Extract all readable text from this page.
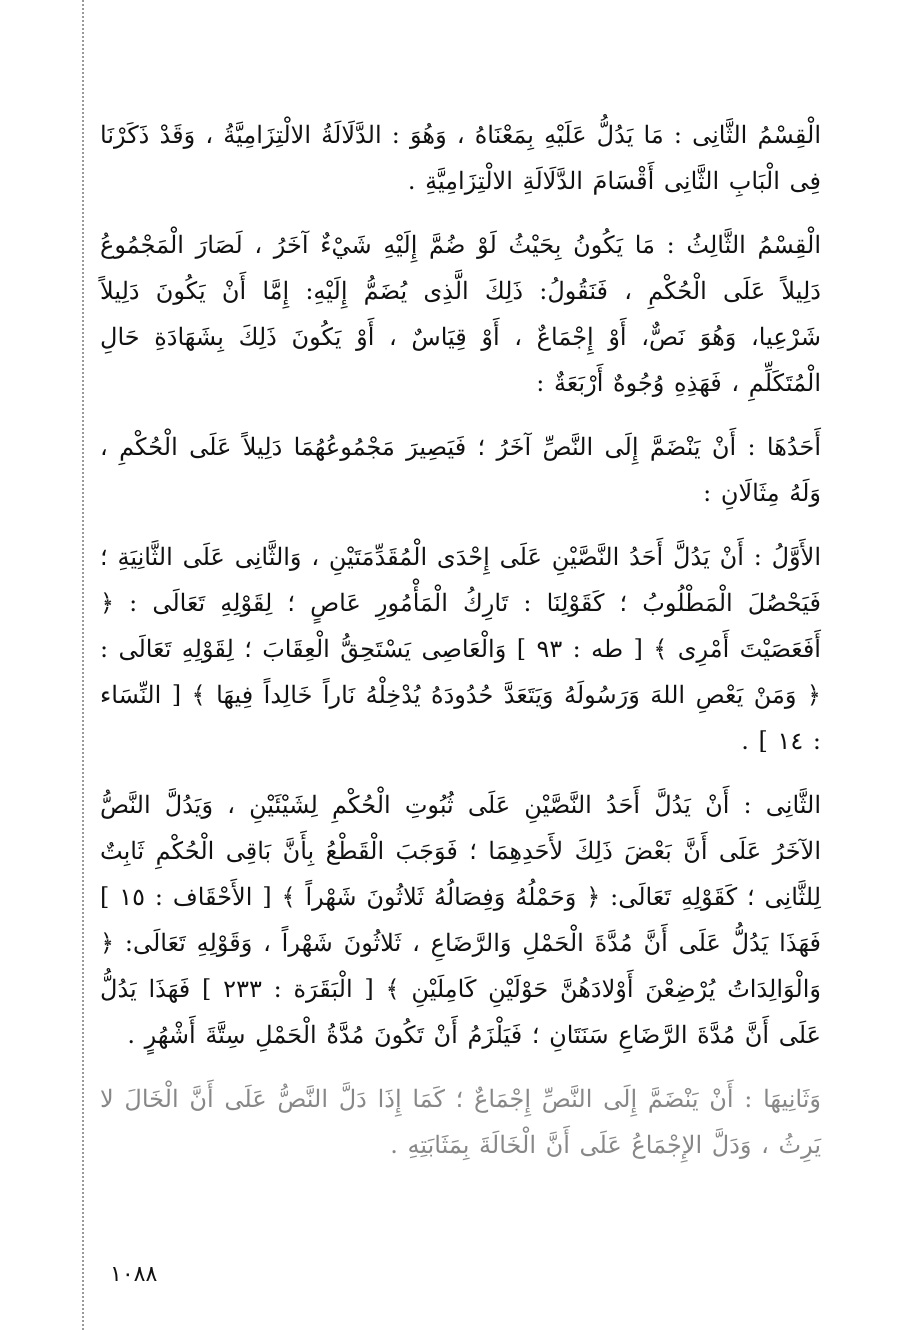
الْقِسْمُ الثَّانِى : مَا يَدُلُّ عَلَيْهِ بِمَعْنَاهُ ، وَهُوَ : الدَّلَالَةُ الالْتِزَامِيَّةُ ، وَقَدْ ذَكَرْنَا فِى الْبَابِ الثَّانِى أَقْسَامَ الدَّلَالَةِ الالْتِزَامِيَّةِ .

الْقِسْمُ الثَّالِثُ : مَا يَكُونُ بِحَيْثُ لَوْ ضُمَّ إِلَيْهِ شَيْءٌ آخَرُ ، لَصَارَ الْمَجْمُوعُ دَلِيلاً عَلَى الْحُكْمِ ، فَنَقُولُ: ذَلِكَ الَّذِى يُضَمُّ إِلَيْهِ: إِمَّا أَنْ يَكُونَ دَلِيلاً شَرْعِيا، وَهُوَ نَصٌّ، أَوْ إِجْمَاعٌ ، أَوْ قِيَاسٌ ، أَوْ يَكُونَ ذَلِكَ بِشَهَادَةِ حَالِ الْمُتَكَلِّمِ ، فَهَذِهِ وُجُوهٌ أَرْبَعَةٌ :

أَحَدُهَا : أَنْ يَنْضَمَّ إِلَى النَّصِّ آخَرُ ؛ فَيَصِيرَ مَجْمُوعُهُمَا دَلِيلاً عَلَى الْحُكْمِ ، وَلَهُ مِثَالَانِ :

الأَوَّلُ : أَنْ يَدُلَّ أَحَدُ النَّصَّيْنِ عَلَى إِحْدَى الْمُقَدِّمَتَيْنِ ، وَالثَّانِى عَلَى الثَّانِيَةِ ؛ فَيَحْصُلَ الْمَطْلُوبُ ؛ كَقَوْلِنَا : تَارِكُ الْمَأْمُورِ عَاصٍ ؛ لِقَوْلِهِ تَعَالَى : ﴿ أَفَعَصَيْتَ أَمْرِى ﴾ [ طه : ٩٣ ] وَالْعَاصِى يَسْتَحِقُّ الْعِقَابَ ؛ لِقَوْلِهِ تَعَالَى : ﴿ وَمَنْ يَعْصِ اللهَ وَرَسُولَهُ وَيَتَعَدَّ حُدُودَهُ يُدْخِلْهُ نَاراً خَالِداً فِيهَا ﴾ [ النِّسَاء : ١٤ ] .

الثَّانِى : أَنْ يَدُلَّ أَحَدُ النَّصَّيْنِ عَلَى ثُبُوتِ الْحُكْمِ لِشَيْئَيْنِ ، وَيَدُلَّ النَّصُّ الآخَرُ عَلَى أَنَّ بَعْضَ ذَلِكَ لأَحَدِهِمَا ؛ فَوَجَبَ الْقَطْعُ بِأَنَّ بَاقِى الْحُكْمِ ثَابِتٌ لِلثَّانِى ؛ كَقَوْلِهِ تَعَالَى: ﴿ وَحَمْلُهُ وَفِصَالُهُ ثَلاثُونَ شَهْراً ﴾ [ الأَحْقَاف : ١٥ ] فَهَذَا يَدُلُّ عَلَى أَنَّ مُدَّةَ الْحَمْلِ وَالرَّضَاعِ ، ثَلاثُونَ شَهْراً ، وَقَوْلِهِ تَعَالَى: ﴿ وَالْوَالِدَاتُ يُرْضِعْنَ أَوْلادَهُنَّ حَوْلَيْنِ كَامِلَيْنِ ﴾ [ الْبَقَرَة : ٢٣٣ ] فَهَذَا يَدُلُّ عَلَى أَنَّ مُدَّةَ الرَّضَاعِ سَنَتَانِ ؛ فَيَلْزَمُ أَنْ تَكُونَ مُدَّةُ الْحَمْلِ سِتَّةَ أَشْهُرٍ .

وَثَانِيهَا : أَنْ يَنْضَمَّ إِلَى النَّصِّ إِجْمَاعٌ ؛ كَمَا إِذَا دَلَّ النَّصُّ عَلَى أَنَّ الْخَالَ لا يَرِثُ ، وَدَلَّ الإِجْمَاعُ عَلَى أَنَّ الْخَالَةَ بِمَثَابَتِهِ .

١٠٨٨
